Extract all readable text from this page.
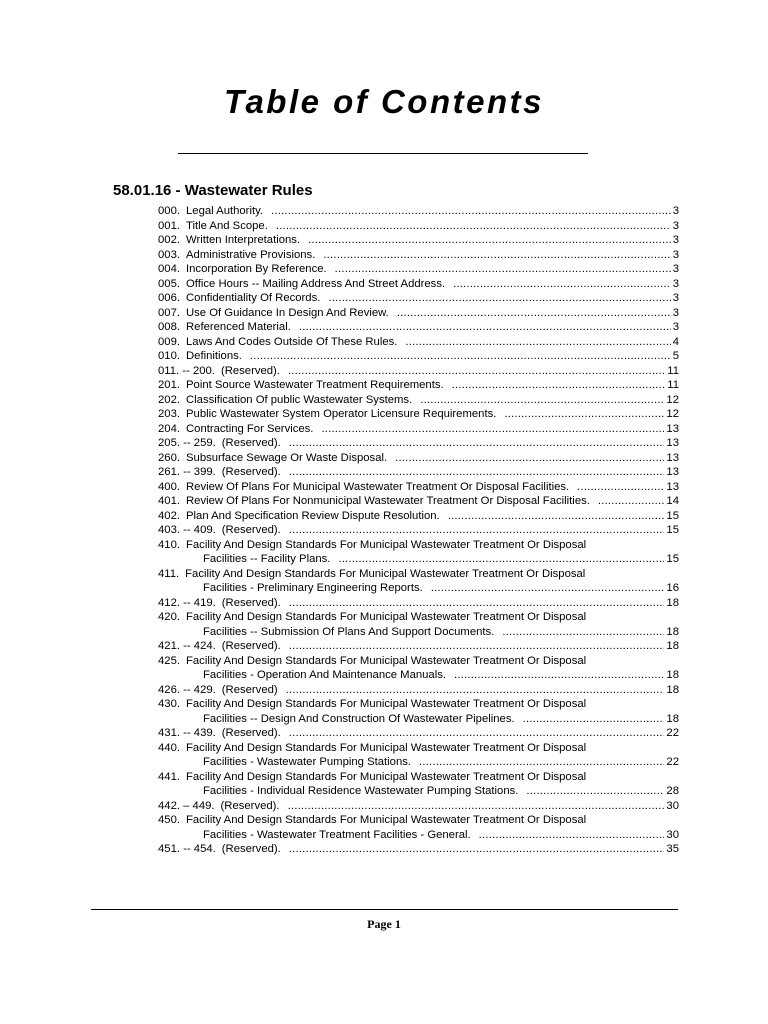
Table of Contents
58.01.16 - Wastewater Rules
000. Legal Authority. .....	3
001. Title And Scope. .....	3
002. Written Interpretations. .....	3
003. Administrative Provisions. .....	3
004. Incorporation By Reference. .....	3
005. Office Hours -- Mailing Address And Street Address. .....	3
006. Confidentiality Of Records. .....	3
007. Use Of Guidance In Design And Review. .....	3
008. Referenced Material. .....	3
009. Laws And Codes Outside Of These Rules. .....	4
010. Definitions. .....	5
011. -- 200. (Reserved). .....	11
201. Point Source Wastewater Treatment Requirements. .....	11
202. Classification Of public Wastewater Systems. .....	12
203. Public Wastewater System Operator Licensure Requirements. .....	12
204. Contracting For Services. .....	13
205. -- 259. (Reserved). .....	13
260. Subsurface Sewage Or Waste Disposal. .....	13
261. -- 399. (Reserved). .....	13
400. Review Of Plans For Municipal Wastewater Treatment Or Disposal Facilities. .....	13
401. Review Of Plans For Nonmunicipal Wastewater Treatment Or Disposal Facilities. .....	14
402. Plan And Specification Review Dispute Resolution. .....	15
403. -- 409. (Reserved). .....	15
410. Facility And Design Standards For Municipal Wastewater Treatment Or Disposal
Facilities -- Facility Plans. .....	15
411. Facility And Design Standards For Municipal Wastewater Treatment Or Disposal
Facilities - Preliminary Engineering Reports. .....	16
412. -- 419. (Reserved). .....	18
420. Facility And Design Standards For Municipal Wastewater Treatment Or Disposal
Facilities -- Submission Of Plans And Support Documents. .....	18
421. -- 424. (Reserved). .....	18
425. Facility And Design Standards For Municipal Wastewater Treatment Or Disposal
Facilities - Operation And Maintenance Manuals. .....	18
426. -- 429. (Reserved) .....	18
430. Facility And Design Standards For Municipal Wastewater Treatment Or Disposal
Facilities -- Design And Construction Of Wastewater Pipelines. .....	18
431. -- 439. (Reserved). .....	22
440. Facility And Design Standards For Municipal Wastewater Treatment Or Disposal
Facilities - Wastewater Pumping Stations. .....	22
441. Facility And Design Standards For Municipal Wastewater Treatment Or Disposal
Facilities - Individual Residence Wastewater Pumping Stations. .....	28
442. – 449. (Reserved). .....	30
450. Facility And Design Standards For Municipal Wastewater Treatment Or Disposal
Facilities - Wastewater Treatment Facilities - General. .....	30
451. -- 454. (Reserved). .....	35
Page 1
